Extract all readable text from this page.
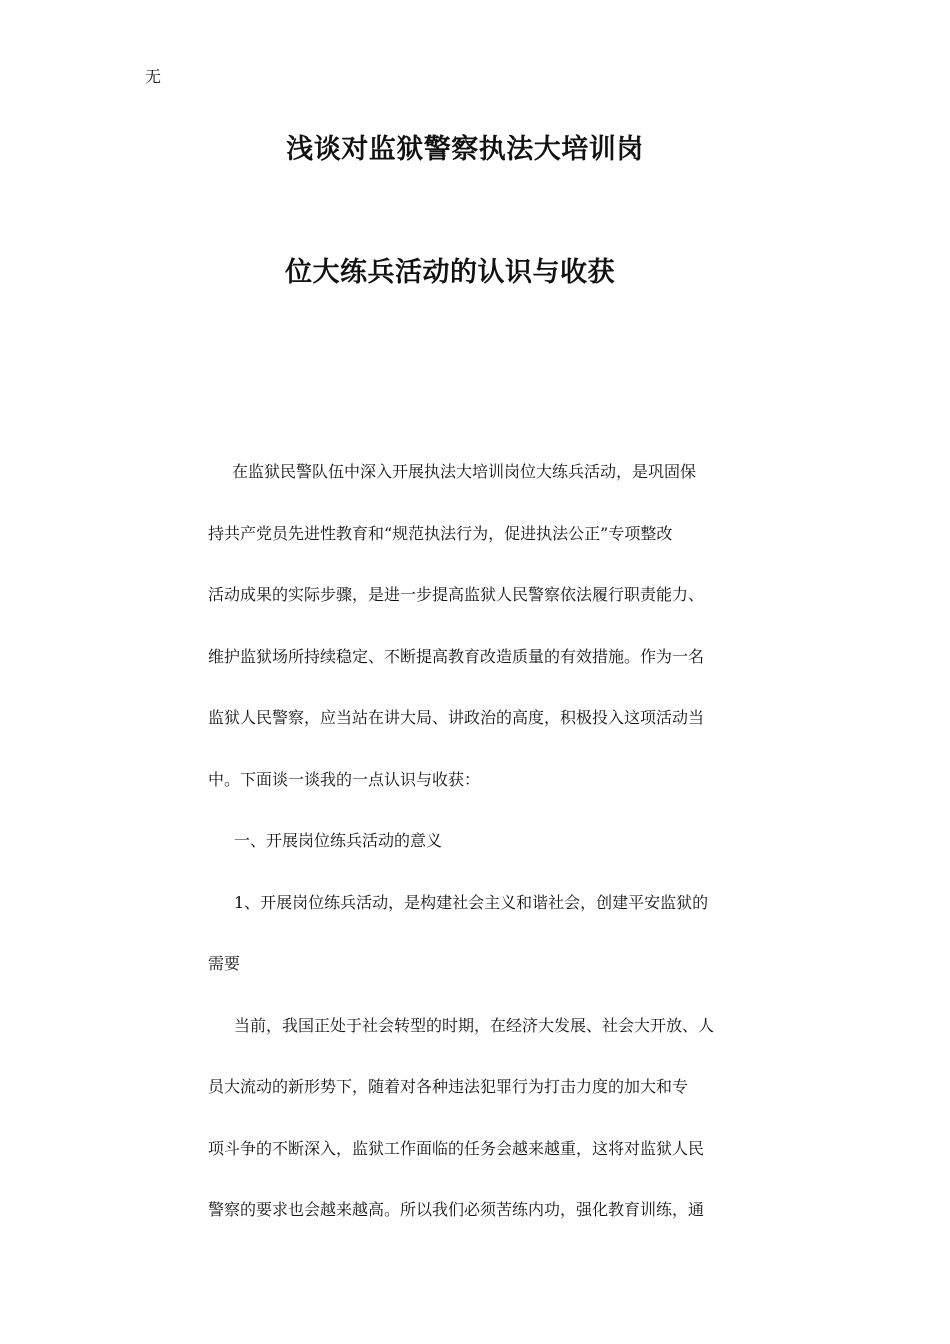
无
浅谈对监狱警察执法大培训岗
位大练兵活动的认识与收获
在监狱民警队伍中深入开展执法大培训岗位大练兵活动，是巩固保
持共产党员先进性教育和“规范执法行为，促进执法公正”专项整改
活动成果的实际步骤，是进一步提高监狱人民警察依法履行职责能力、
维护监狱场所持续稳定、不断提高教育改造质量的有效措施。作为一名
监狱人民警察，应当站在讲大局、讲政治的高度，积极投入这项活动当
中。下面谈一谈我的一点认识与收获：
一、开展岗位练兵活动的意义
1、开展岗位练兵活动，是构建社会主义和谐社会，创建平安监狱的
需要
当前，我国正处于社会转型的时期，在经济大发展、社会大开放、人
员大流动的新形势下，随着对各种违法犯罪行为打击力度的加大和专
项斗争的不断深入，监狱工作面临的任务会越来越重，这将对监狱人民
警察的要求也会越来越高。所以我们必须苦练内功，强化教育训练，通
